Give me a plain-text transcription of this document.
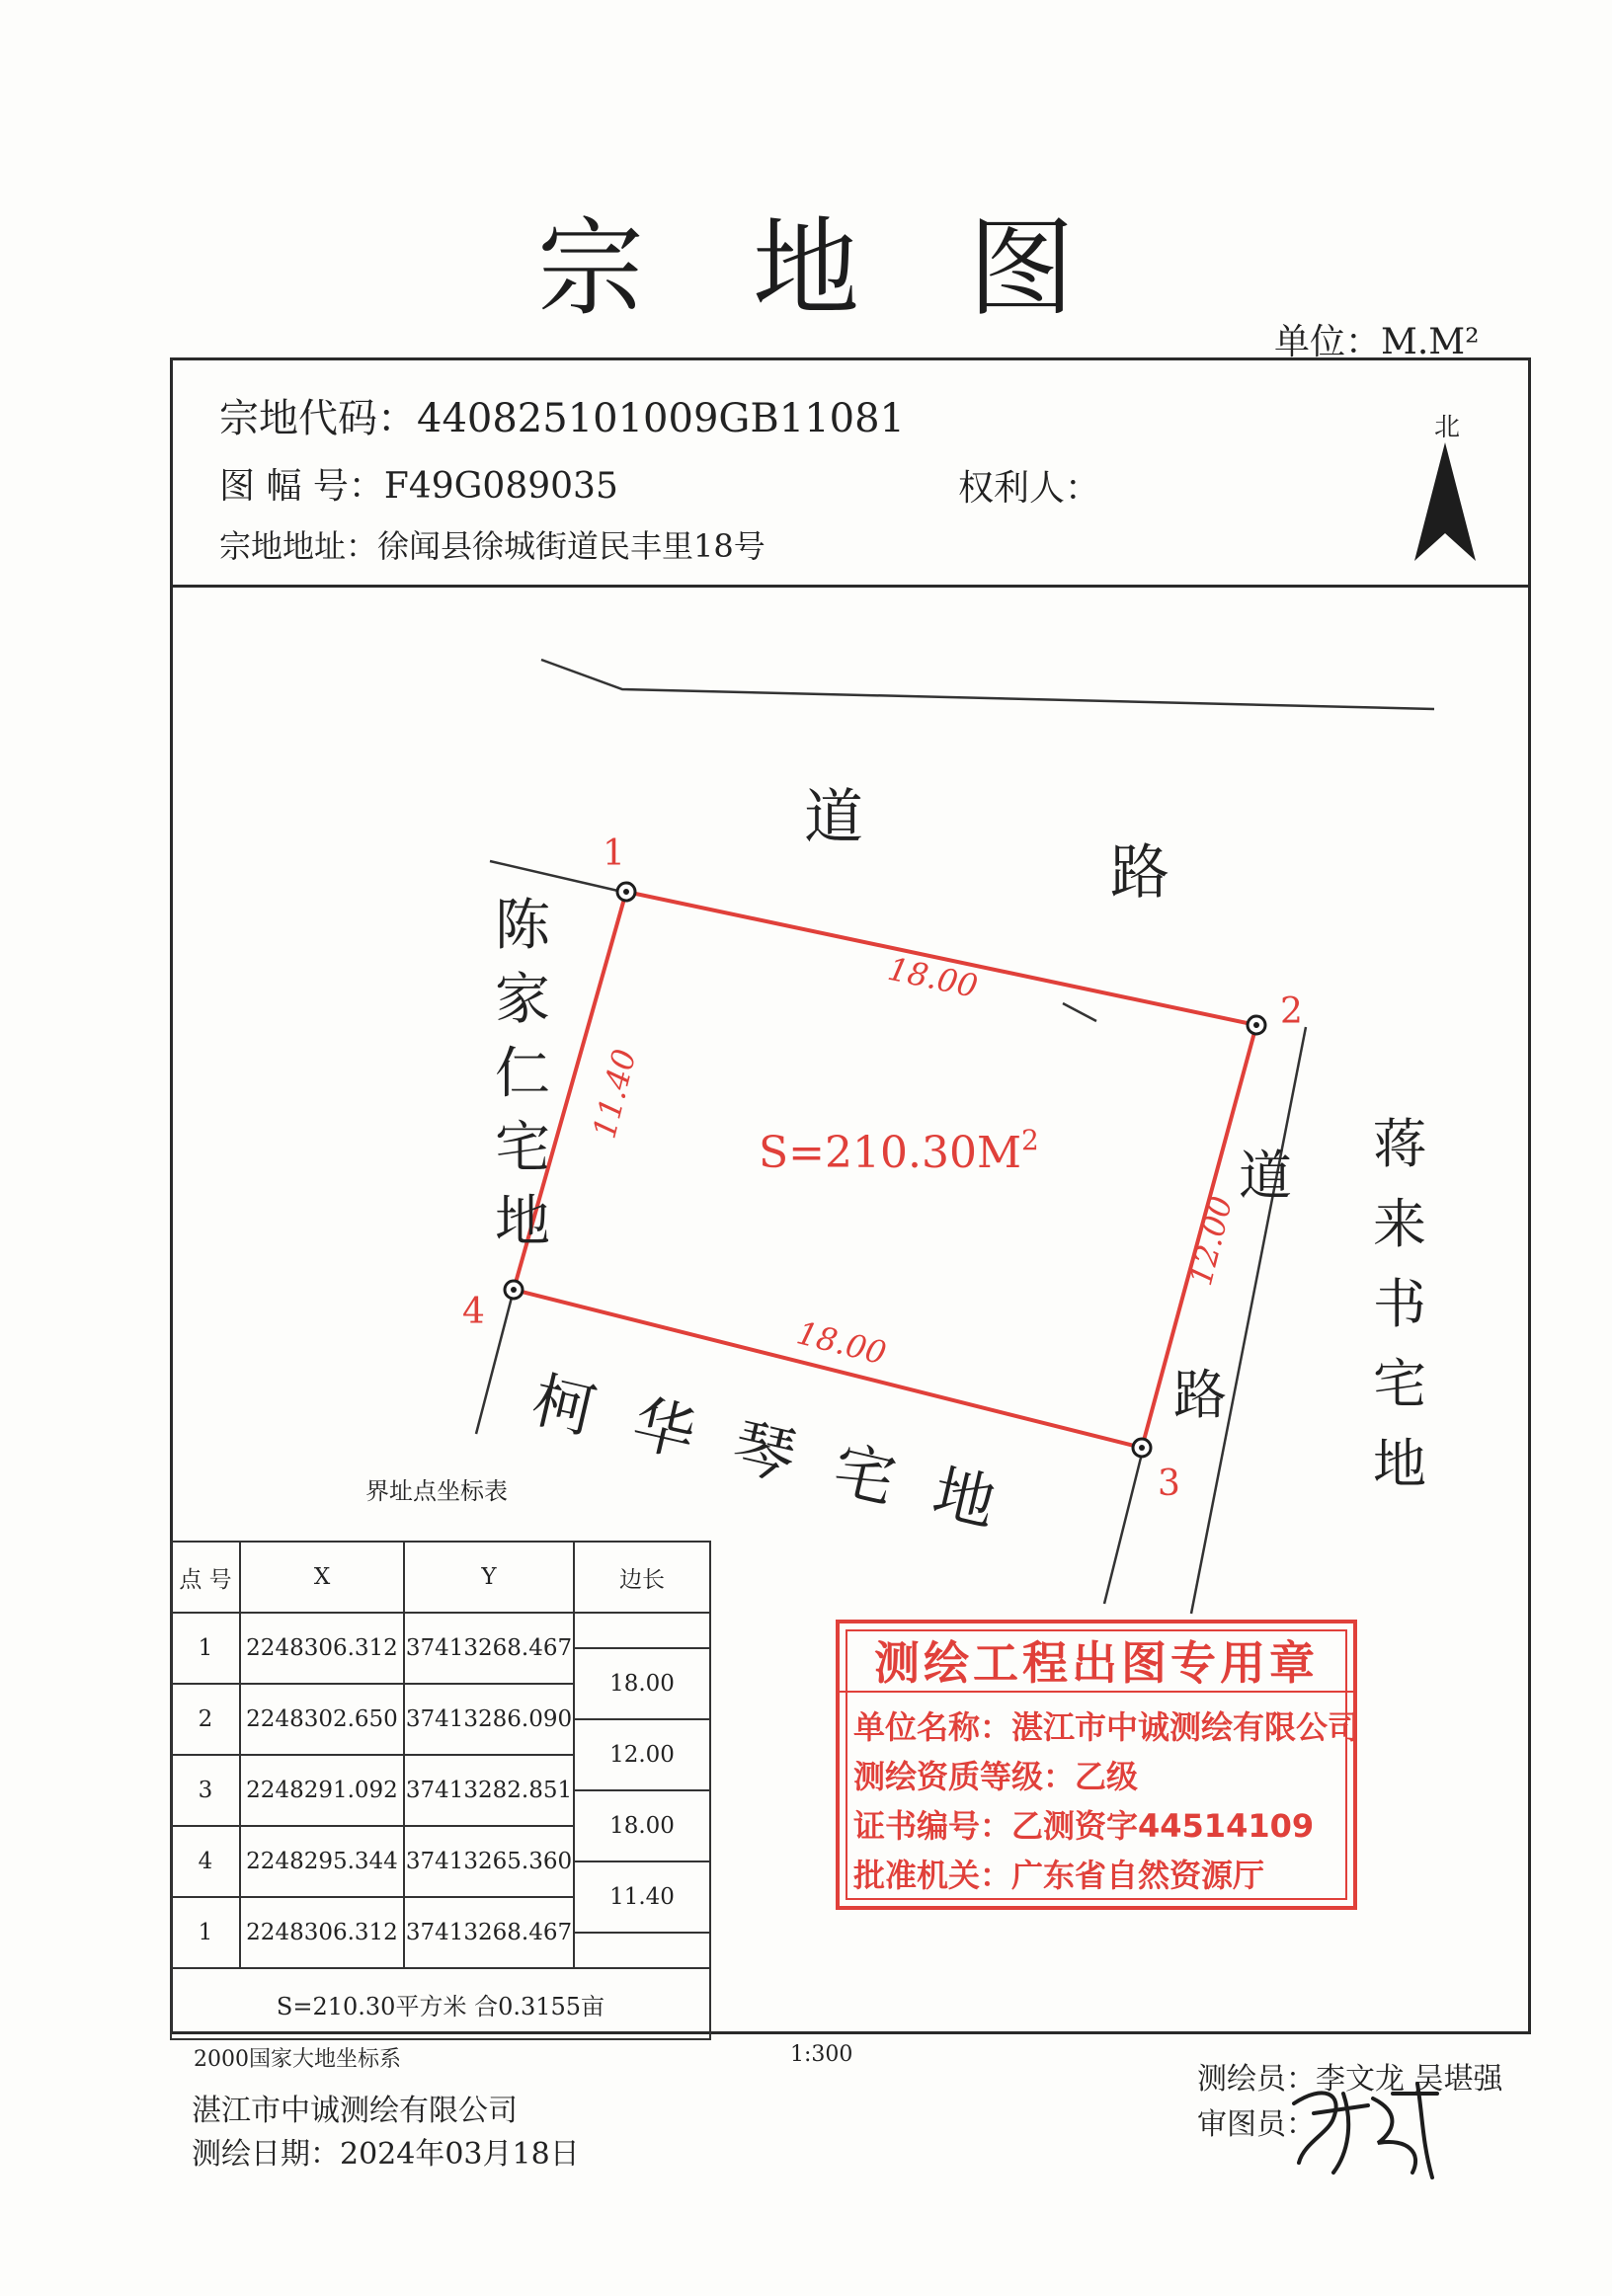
宗地图
单位：M.M²
宗地代码：440825101009GB11081
图 幅 号：F49G089035	权利人：
宗地地址：徐闻县徐城街道民丰里18号
北
1
2
3
4
18.00
12.00
18.00
11.40
$S=210.30M^2$
道
路
道
路
陈家仁宅地
蒋来书宅地
柯华琴宅地
界址点坐标表
点 号	X	Y	边长
1	2248306.312	37413268.467	
			18.00
2	2248302.650	37413286.090	
			12.00
3	2248291.092	37413282.851	
			18.00
4	2248295.344	37413265.360	
			11.40
1	2248306.312	37413268.467	

S=210.30平方米 合0.3155亩			
测绘工程出图专用章
单位名称：湛江市中诚测绘有限公司
测绘资质等级：乙级
证书编号：乙测资字44514109
批准机关：广东省自然资源厅
2000国家大地坐标系	1:300
湛江市中诚测绘有限公司
测绘日期：2024年03月18日
测绘员：李文龙 吴堪强
审图员：
